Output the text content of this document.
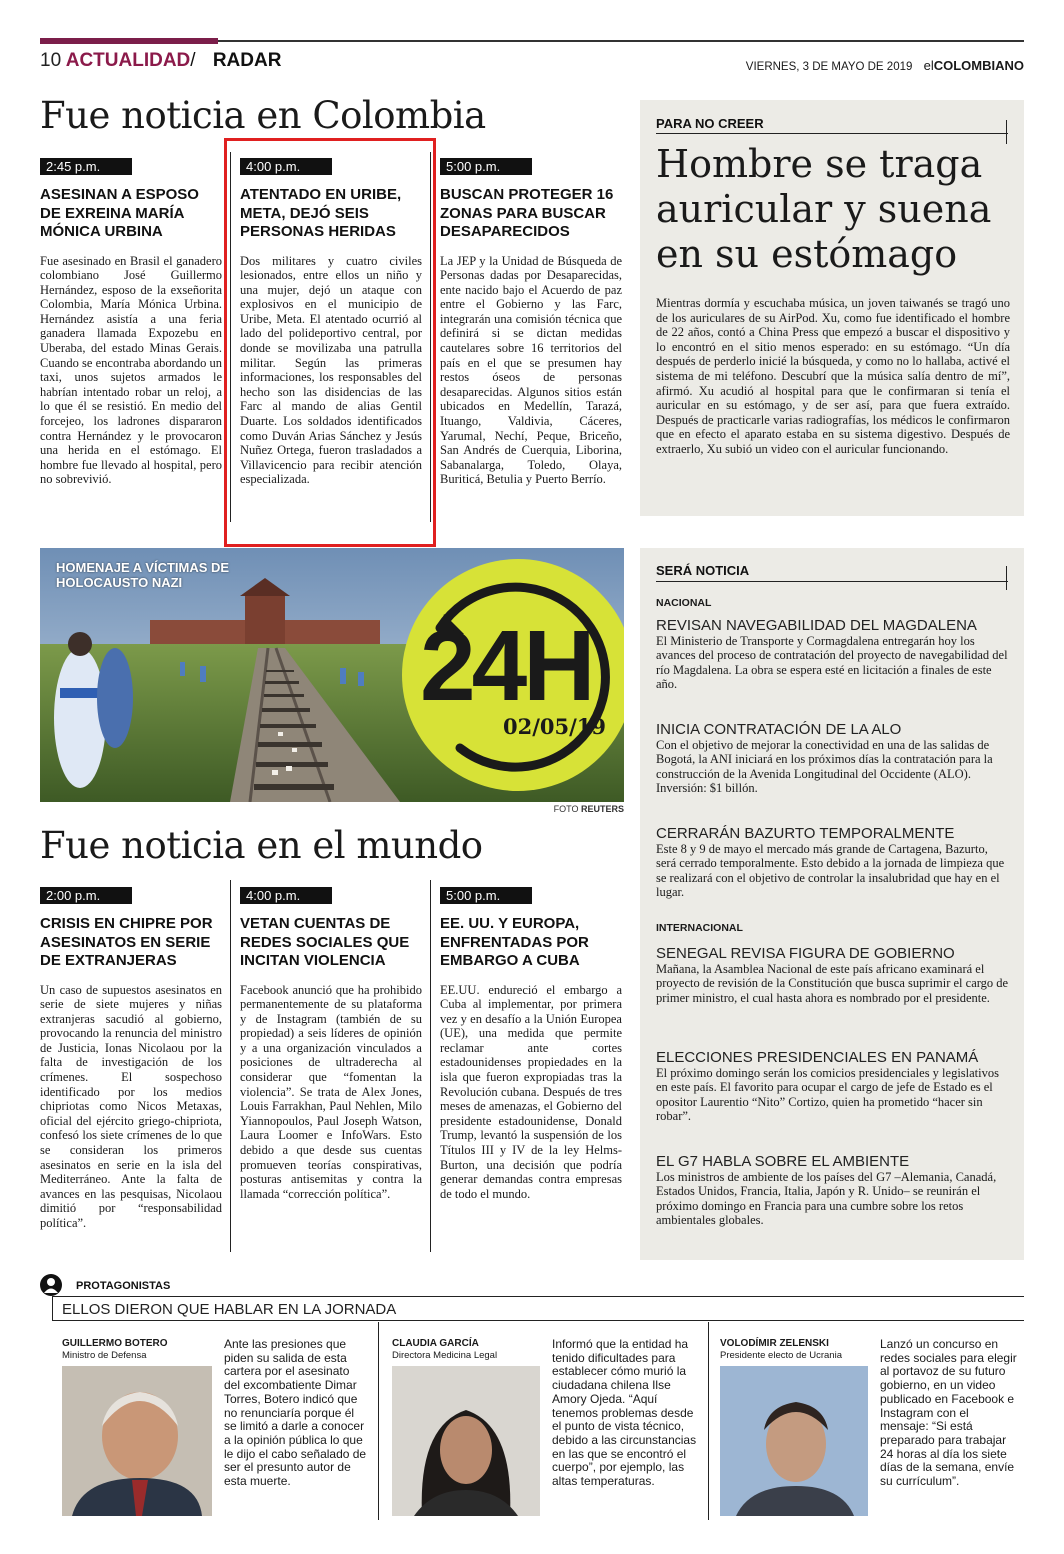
10 ACTUALIDAD/ RADAR	VIERNES, 3 DE MAYO DE 2019 elCOLOMBIANO
Fue noticia en Colombia
2:45 p.m.
ASESINAN A ESPOSO DE EXREINA MARÍA MÓNICA URBINA
Fue asesinado en Brasil el ganadero colombiano José Guillermo Hernández, esposo de la exseñorita Colombia, María Mónica Urbina. Hernández asistía a una feria ganadera llamada Expozebu en Uberaba, del estado Minas Gerais. Cuando se encontraba abordando un taxi, unos sujetos armados le habrían intentado robar un reloj, a lo que él se resistió. En medio del forcejeo, los ladrones dispararon contra Hernández y le provocaron una herida en el estómago. El hombre fue llevado al hospital, pero no sobrevivió.
4:00 p.m.
ATENTADO EN URIBE, META, DEJÓ SEIS PERSONAS HERIDAS
Dos militares y cuatro civiles lesionados, entre ellos un niño y una mujer, dejó un ataque con explosivos en el municipio de Uribe, Meta. El atentado ocurrió al lado del polideportivo central, por donde se movilizaba una patrulla militar. Según las primeras informaciones, los responsables del hecho son las disidencias de las Farc al mando de alias Gentil Duarte. Los soldados identificados como Duván Arias Sánchez y Jesús Nuñez Ortega, fueron trasladados a Villavicencio para recibir atención especializada.
5:00 p.m.
BUSCAN PROTEGER 16 ZONAS PARA BUSCAR DESAPARECIDOS
La JEP y la Unidad de Búsqueda de Personas dadas por Desaparecidas, ente nacido bajo el Acuerdo de paz entre el Gobierno y las Farc, integrarán una comisión técnica que definirá si se dictan medidas cautelares sobre 16 territorios del país en el que se presumen hay restos óseos de personas desaparecidas. Algunos sitios están ubicados en Medellín, Tarazá, Ituango, Valdivia, Cáceres, Yarumal, Nechí, Peque, Briceño, San Andrés de Cuerquia, Liborina, Sabanalarga, Toledo, Olaya, Buriticá, Betulia y Puerto Berrío.
HOMENAJE A VÍCTIMAS DE HOLOCAUSTO NAZI
24H
02/05/19
FOTO REUTERS
Fue noticia en el mundo
2:00 p.m.
CRISIS EN CHIPRE POR ASESINATOS EN SERIE DE EXTRANJERAS
Un caso de supuestos asesinatos en serie de siete mujeres y niñas extranjeras sacudió al gobierno, provocando la renuncia del ministro de Justicia, Ionas Nicolaou por la falta de investigación de los crímenes. El sospechoso identificado por los medios chipriotas como Nicos Metaxas, oficial del ejército griego-chipriota, confesó los siete crímenes de lo que se consideran los primeros asesinatos en serie en la isla del Mediterráneo. Ante la falta de avances en las pesquisas, Nicolaou dimitió por “responsabilidad política”.
4:00 p.m.
VETAN CUENTAS DE REDES SOCIALES QUE INCITAN VIOLENCIA
Facebook anunció que ha prohibido permanentemente de su plataforma y de Instagram (también de su propiedad) a seis líderes de opinión y a una organización vinculados a posiciones de ultraderecha al considerar que “fomentan la violencia”. Se trata de Alex Jones, Louis Farrakhan, Paul Nehlen, Milo Yiannopoulos, Paul Joseph Watson, Laura Loomer e InfoWars. Esto debido a que desde sus cuentas promueven teorías conspirativas, posturas antisemitas y contra la llamada “corrección política”.
5:00 p.m.
EE. UU. Y EUROPA, ENFRENTADAS POR EMBARGO A CUBA
EE.UU. endureció el embargo a Cuba al implementar, por primera vez y en desafío a la Unión Europea (UE), una medida que permite reclamar ante cortes estadounidenses propiedades en la isla que fueron expropiadas tras la Revolución cubana. Después de tres meses de amenazas, el Gobierno del presidente estadounidense, Donald Trump, levantó la suspensión de los Títulos III y IV de la ley Helms-Burton, una decisión que podría generar demandas contra empresas de todo el mundo.
PARA NO CREER
Hombre se traga auricular y suena en su estómago
Mientras dormía y escuchaba música, un joven taiwanés se tragó uno de los auriculares de su AirPod. Xu, como fue identificado el hombre de 22 años, contó a China Press que empezó a buscar el dispositivo y lo encontró en el sitio menos esperado: en su estómago. “Un día después de perderlo inicié la búsqueda, y como no lo hallaba, activé el sistema de mi teléfono. Descubrí que la música salía dentro de mí”, afirmó. Xu acudió al hospital para que le confirmaran si tenía el auricular en su estómago, y de ser así, para que fuera extraído. Después de practicarle varias radiografías, los médicos le confirmaron que en efecto el aparato estaba en su sistema digestivo. Después de extraerlo, Xu subió un video con el auricular funcionando.
SERÁ NOTICIA
NACIONAL
REVISAN NAVEGABILIDAD DEL MAGDALENA
El Ministerio de Transporte y Cormagdalena entregarán hoy los avances del proceso de contratación del proyecto de navegabilidad del río Magdalena. La obra se espera esté en licitación a finales de este año.
INICIA CONTRATACIÓN DE LA ALO
Con el objetivo de mejorar la conectividad en una de las salidas de Bogotá, la ANI iniciará en los próximos días la contratación para la construcción de la Avenida Longitudinal del Occidente (ALO). Inversión: $1 billón.
CERRARÁN BAZURTO TEMPORALMENTE
Este 8 y 9 de mayo el mercado más grande de Cartagena, Bazurto, será cerrado temporalmente. Esto debido a la jornada de limpieza que se realizará con el objetivo de controlar la insalubridad que hay en el lugar.
INTERNACIONAL
SENEGAL REVISA FIGURA DE GOBIERNO
Mañana, la Asamblea Nacional de este país africano examinará el proyecto de revisión de la Constitución que busca suprimir el cargo de primer ministro, el cual hasta ahora es nombrado por el presidente.
ELECCIONES PRESIDENCIALES EN PANAMÁ
El próximo domingo serán los comicios presidenciales y legislativos en este país. El favorito para ocupar el cargo de jefe de Estado es el opositor Laurentio “Nito” Cortizo, quien ha prometido “hacer sin robar”.
EL G7 HABLA SOBRE EL AMBIENTE
Los ministros de ambiente de los países del G7 –Alemania, Canadá, Estados Unidos, Francia, Italia, Japón y R. Unido– se reunirán el próximo domingo en Francia para una cumbre sobre los retos ambientales globales.
PROTAGONISTAS
ELLOS DIERON QUE HABLAR EN LA JORNADA
GUILLERMO BOTERO
Ministro de Defensa
Ante las presiones que piden su salida de esta cartera por el asesinato del excombatiente Dimar Torres, Botero indicó que no renunciaría porque él se limitó a darle a conocer a la opinión pública lo que le dijo el cabo señalado de ser el presunto autor de esta muerte.
CLAUDIA GARCÍA
Directora Medicina Legal
Informó que la entidad ha tenido dificultades para establecer cómo murió la ciudadana chilena Ilse Amory Ojeda. “Aquí tenemos problemas desde el punto de vista técnico, debido a las circunstancias en las que se encontró el cuerpo”, por ejemplo, las altas temperaturas.
VOLODÍMIR ZELENSKI
Presidente electo de Ucrania
Lanzó un concurso en redes sociales para elegir al portavoz de su futuro gobierno, en un video publicado en Facebook e Instagram con el mensaje: “Si está preparado para trabajar 24 horas al día los siete días de la semana, envíe su currículum”.
